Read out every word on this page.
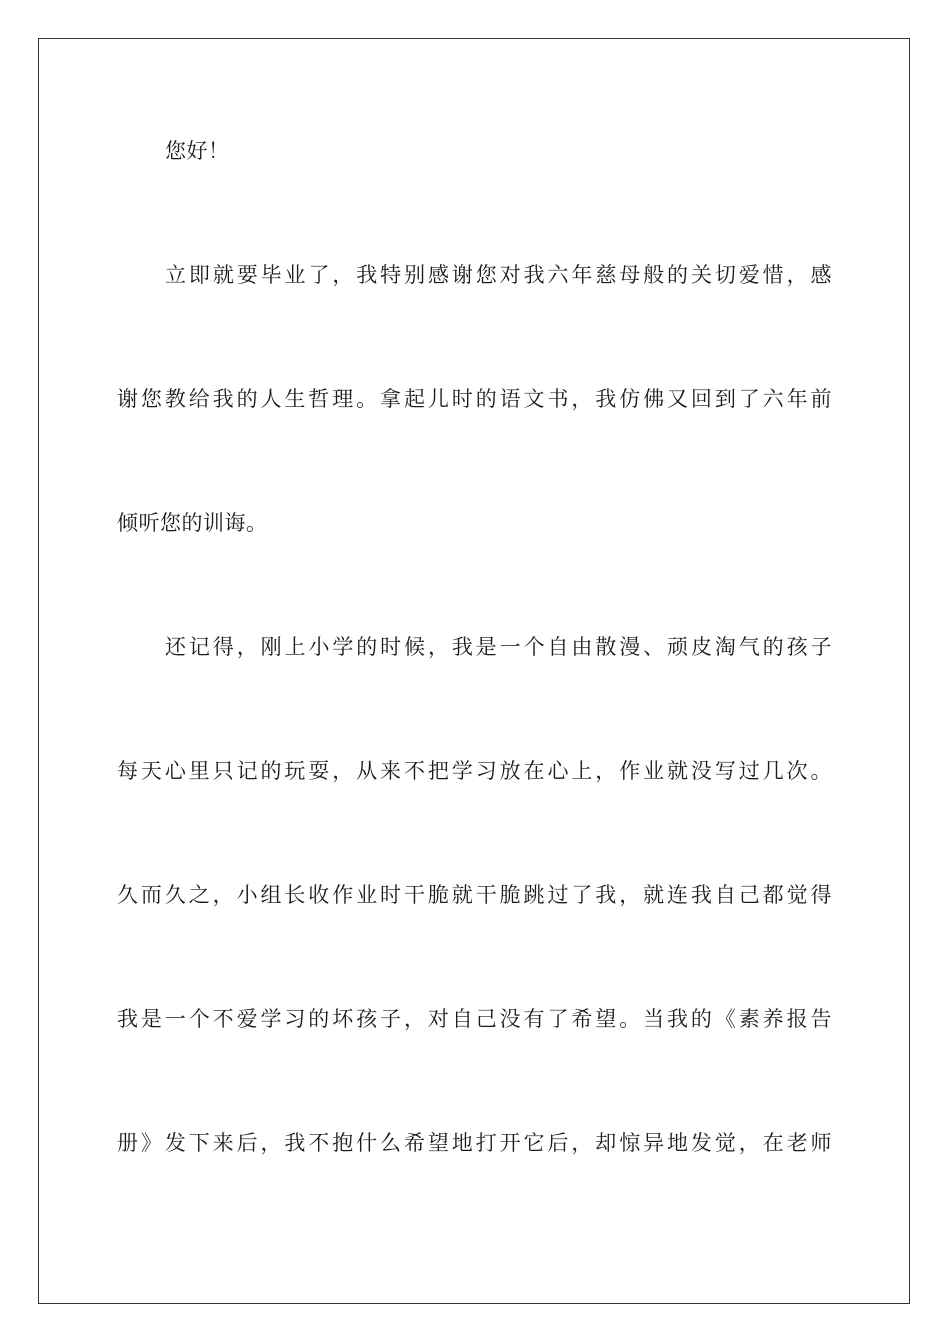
您好！
立即就要毕业了，我特别感谢您对我六年慈母般的关切爱惜，感
谢您教给我的人生哲理。拿起儿时的语文书，我仿佛又回到了六年前
倾听您的训诲。
还记得，刚上小学的时候，我是一个自由散漫、顽皮淘气的孩子
每天心里只记的玩耍，从来不把学习放在心上，作业就没写过几次。
久而久之，小组长收作业时干脆就干脆跳过了我，就连我自己都觉得
我是一个不爱学习的坏孩子，对自己没有了希望。当我的《素养报告
册》发下来后，我不抱什么希望地打开它后，却惊异地发觉，在老师
